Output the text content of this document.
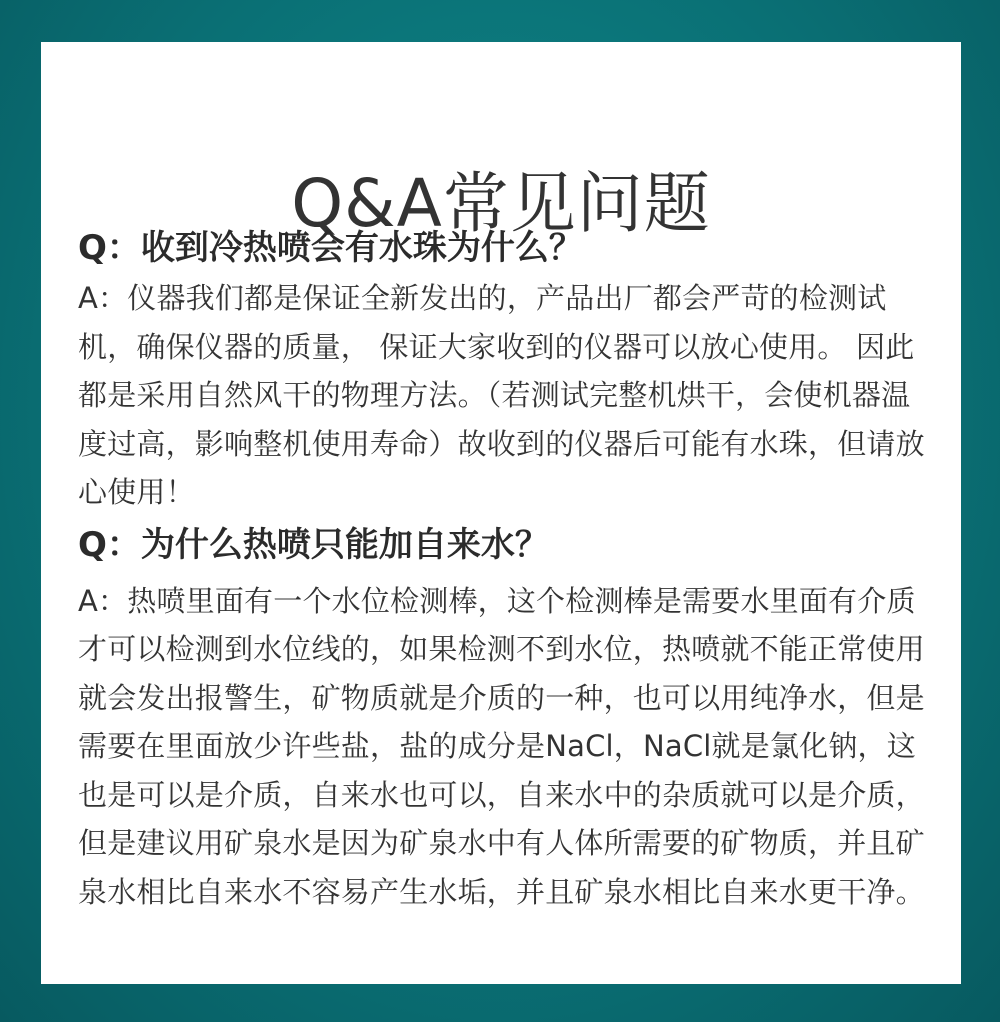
Q&A常见问题

Q：收到冷热喷会有水珠为什么？

A：仪器我们都是保证全新发出的，产品出厂都会严苛的检测试机，确保仪器的质量， 保证大家收到的仪器可以放心使用。 因此都是采用自然风干的物理方法。（若测试完整机烘干，会使机器温度过高，影响整机使用寿命）故收到的仪器后可能有水珠，但请放心使用！

Q：为什么热喷只能加自来水？

A：热喷里面有一个水位检测棒，这个检测棒是需要水里面有介质才可以检测到水位线的，如果检测不到水位，热喷就不能正常使用就会发出报警生，矿物质就是介质的一种，也可以用纯净水，但是需要在里面放少许些盐，盐的成分是NaCl，NaCl就是氯化钠，这也是可以是介质，自来水也可以，自来水中的杂质就可以是介质，但是建议用矿泉水是因为矿泉水中有人体所需要的矿物质，并且矿泉水相比自来水不容易产生水垢，并且矿泉水相比自来水更干净。
